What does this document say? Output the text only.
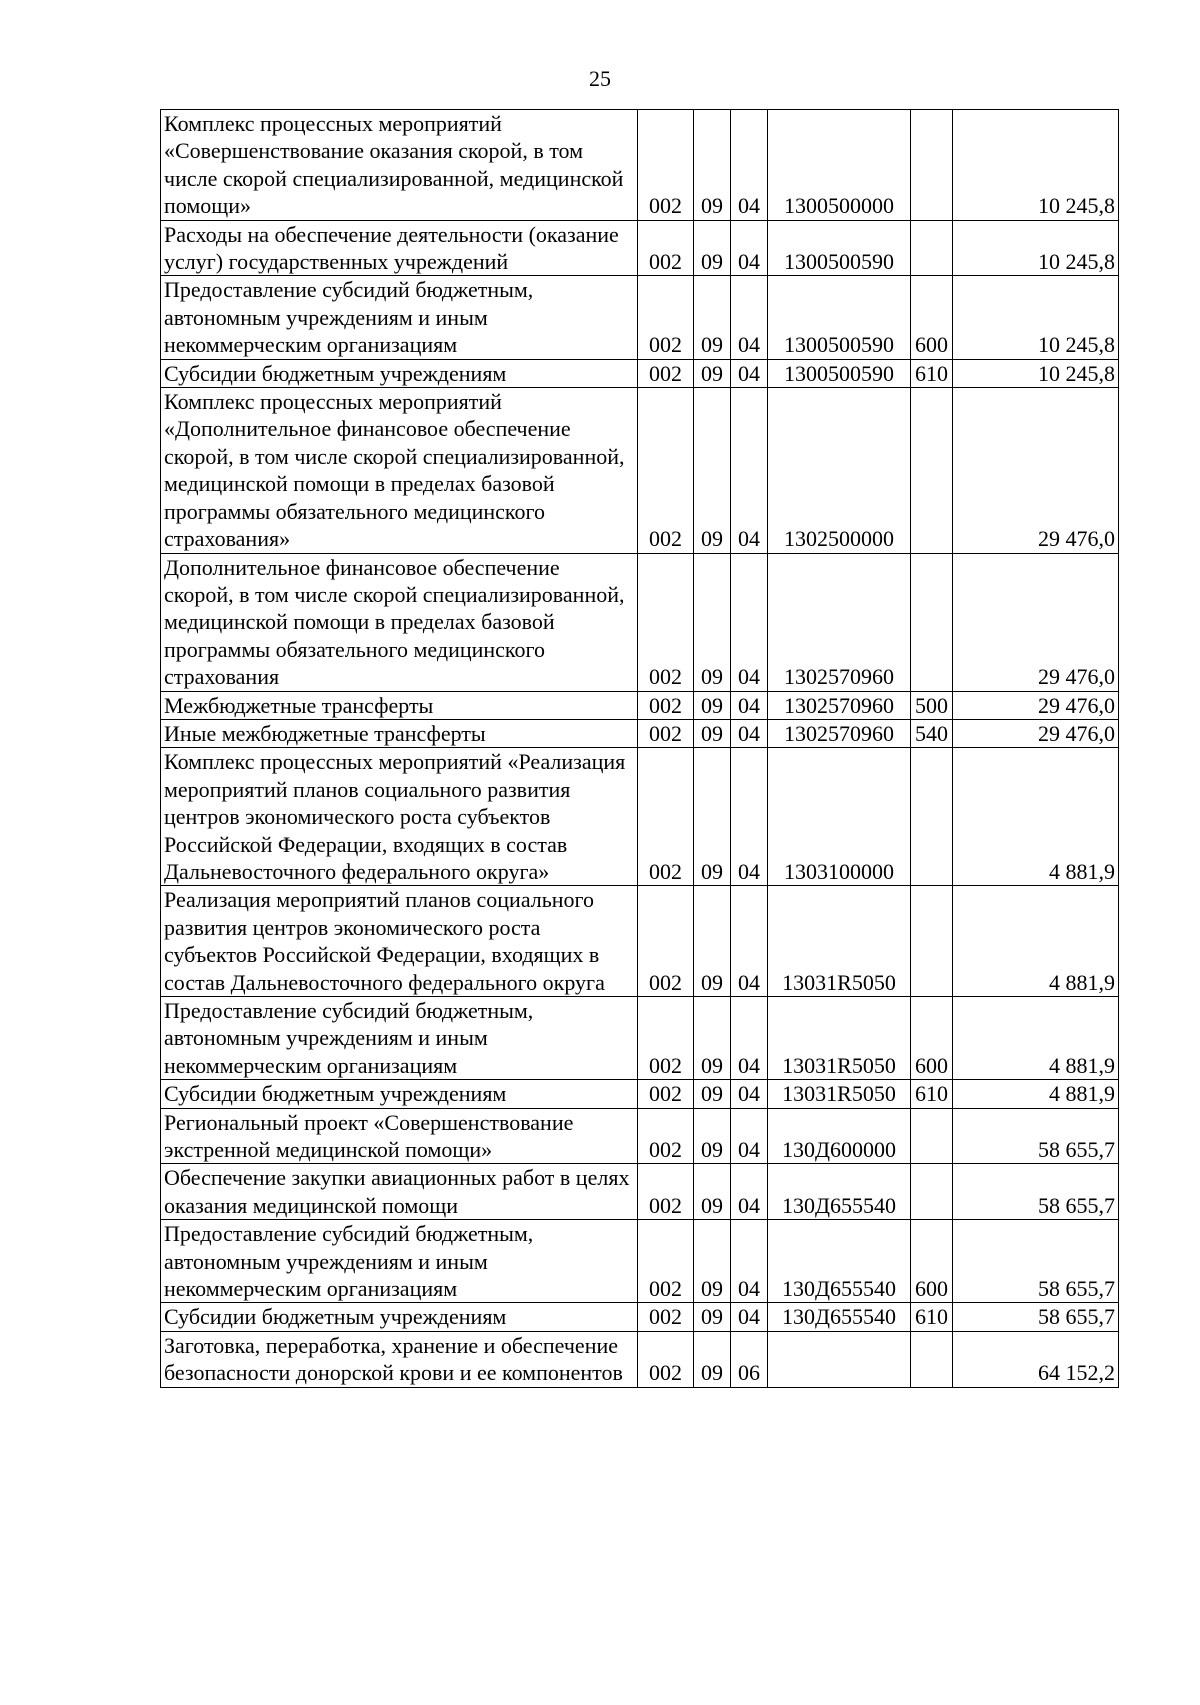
25
Комплекс процессных мероприятий «Совершенствование оказания скорой, в том числе скорой специализированной, медицинской помощи»	002	09	04	1300500000		10 245,8
Расходы на обеспечение деятельности (оказание услуг) государственных учреждений	002	09	04	1300500590		10 245,8
Предоставление субсидий бюджетным, автономным учреждениям и иным некоммерческим организациям	002	09	04	1300500590	600	10 245,8
Субсидии бюджетным учреждениям	002	09	04	1300500590	610	10 245,8
Комплекс процессных мероприятий «Дополнительное финансовое обеспечение скорой, в том числе скорой специализированной, медицинской помощи в пределах базовой программы обязательного медицинского страхования»	002	09	04	1302500000		29 476,0
Дополнительное финансовое обеспечение скорой, в том числе скорой специализированной, медицинской помощи в пределах базовой программы обязательного медицинского страхования	002	09	04	1302570960		29 476,0
Межбюджетные трансферты	002	09	04	1302570960	500	29 476,0
Иные межбюджетные трансферты	002	09	04	1302570960	540	29 476,0
Комплекс процессных мероприятий «Реализация мероприятий планов социального развития центров экономического роста субъектов Российской Федерации, входящих в состав Дальневосточного федерального округа»	002	09	04	1303100000		4 881,9
Реализация мероприятий планов социального развития центров экономического роста субъектов Российской Федерации, входящих в состав Дальневосточного федерального округа	002	09	04	13031R5050		4 881,9
Предоставление субсидий бюджетным, автономным учреждениям и иным некоммерческим организациям	002	09	04	13031R5050	600	4 881,9
Субсидии бюджетным учреждениям	002	09	04	13031R5050	610	4 881,9
Региональный проект «Совершенствование экстренной медицинской помощи»	002	09	04	130Д600000		58 655,7
Обеспечение закупки авиационных работ в целях оказания медицинской помощи	002	09	04	130Д655540		58 655,7
Предоставление субсидий бюджетным, автономным учреждениям и иным некоммерческим организациям	002	09	04	130Д655540	600	58 655,7
Субсидии бюджетным учреждениям	002	09	04	130Д655540	610	58 655,7
Заготовка, переработка, хранение и обеспечение безопасности донорской крови и ее компонентов	002	09	06			64 152,2
